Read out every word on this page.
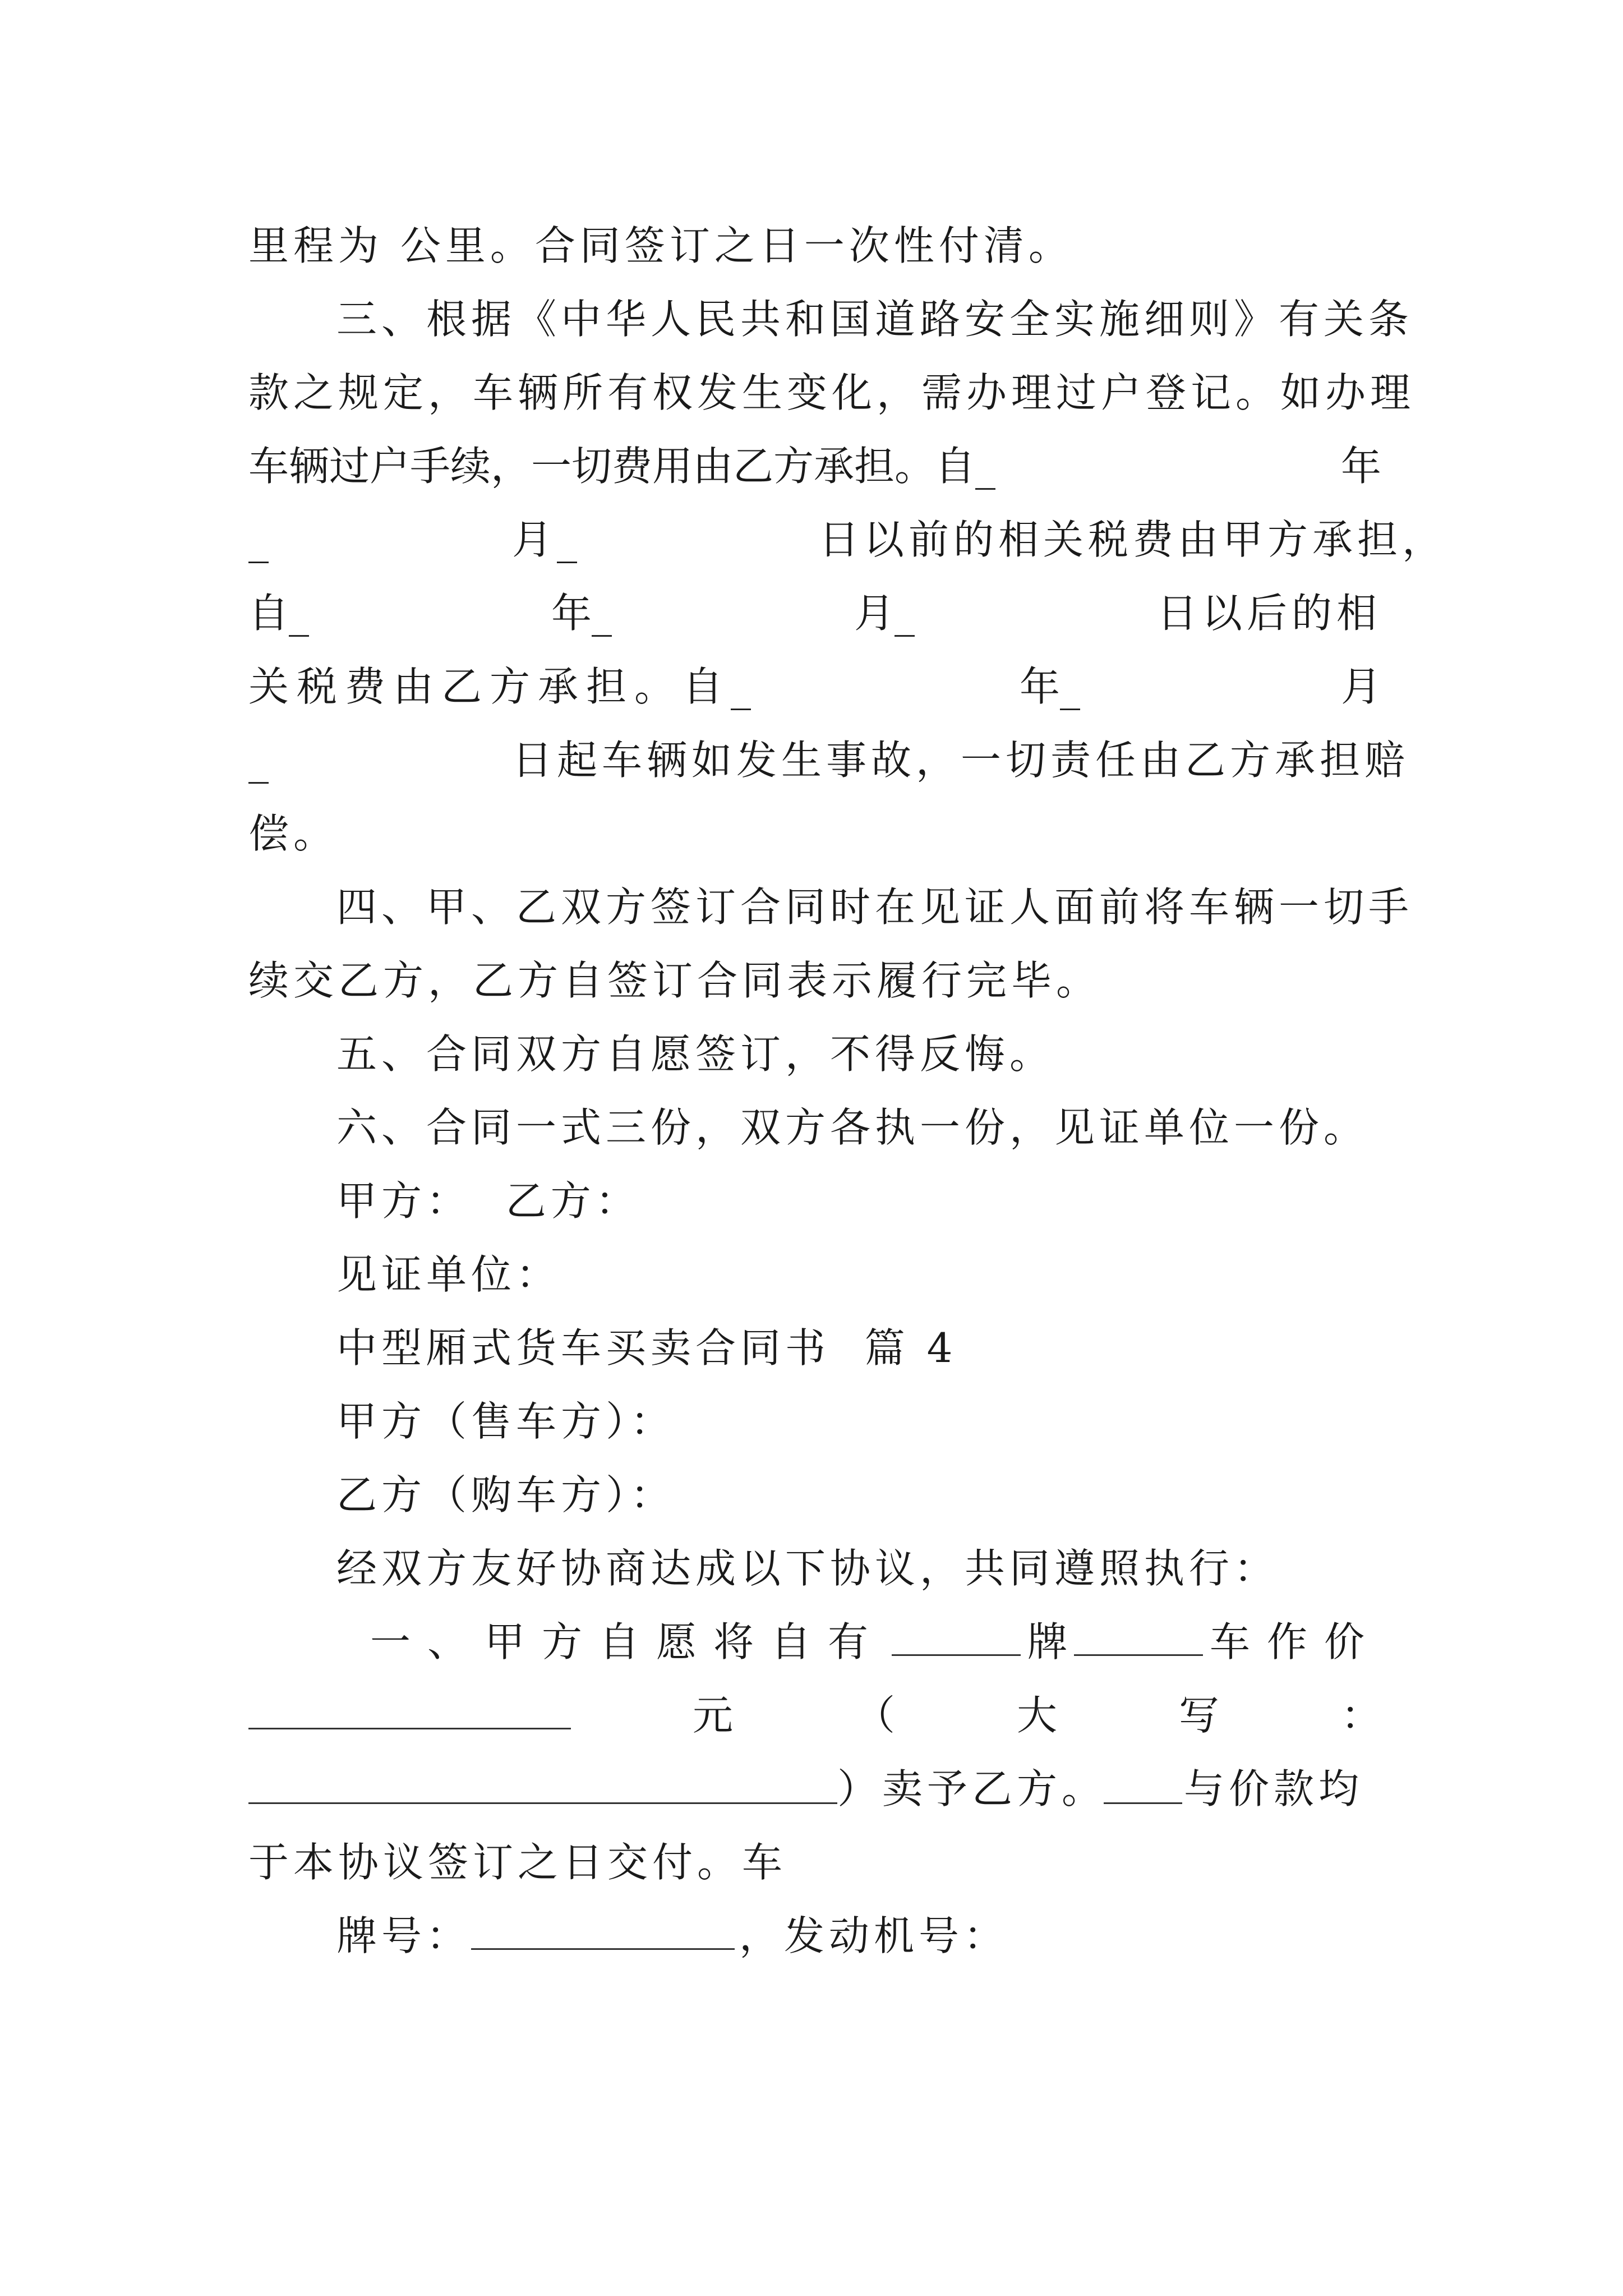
里程为 公里。合同签订之日一次性付清。
三、根据《中华人民共和国道路安全实施细则》有关条
款之规定，车辆所有权发生变化，需办理过户登记。如办理
车辆过户手续，一切费用由乙方承担。自_	年
_	月_	日以前的相关税费由甲方承担，
自_	年_	月_	日以后的相
关税费由乙方承担。自_	年_	月
_	日起车辆如发生事故，一切责任由乙方承担赔
偿。
四、甲、乙双方签订合同时在见证人面前将车辆一切手
续交乙方，乙方自签订合同表示履行完毕。
五、合同双方自愿签订，不得反悔。
六、合同一式三份，双方各执一份，见证单位一份。
甲方：  乙方：
见证单位：
中型厢式货车买卖合同书  篇 4
甲方（售车方）：
乙方（购车方）：
经双方友好协商达成以下协议，共同遵照执行：
一、甲方自愿将自有	牌	车作价
元	（	大	写	：
）卖予乙方。 与价款均
于本协议签订之日交付。车
牌号：	，发动机号：
